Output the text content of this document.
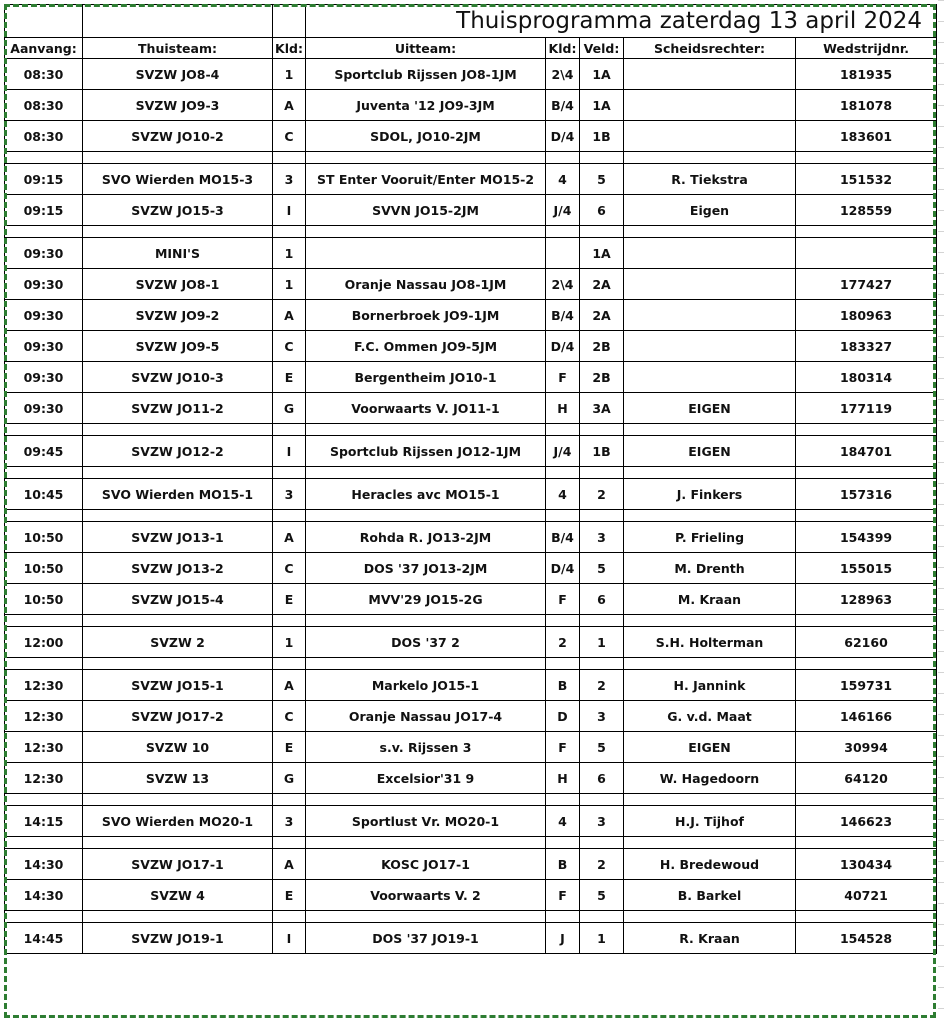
			Thuisprogramma zaterdag 13 april 2024				
Aanvang:	Thuisteam:	Kld:	Uitteam:	Kld:	Veld:	Scheidsrechter:	Wedstrijdnr.
08:30	SVZW JO8-4	1	Sportclub Rijssen JO8-1JM	2\4	1A		181935
08:30	SVZW JO9-3	A	Juventa '12 JO9-3JM	B/4	1A		181078
08:30	SVZW JO10-2	C	SDOL, JO10-2JM	D/4	1B		183601

09:15	SVO Wierden MO15-3	3	ST Enter Vooruit/Enter MO15-2	4	5	R. Tiekstra	151532
09:15	SVZW JO15-3	I	SVVN JO15-2JM	J/4	6	Eigen	128559

09:30	MINI'S	1			1A		
09:30	SVZW JO8-1	1	Oranje Nassau JO8-1JM	2\4	2A		177427
09:30	SVZW JO9-2	A	Bornerbroek JO9-1JM	B/4	2A		180963
09:30	SVZW JO9-5	C	F.C. Ommen JO9-5JM	D/4	2B		183327
09:30	SVZW JO10-3	E	Bergentheim JO10-1	F	2B		180314
09:30	SVZW JO11-2	G	Voorwaarts V. JO11-1	H	3A	EIGEN	177119

09:45	SVZW JO12-2	I	Sportclub Rijssen JO12-1JM	J/4	1B	EIGEN	184701

10:45	SVO Wierden MO15-1	3	Heracles avc MO15-1	4	2	J. Finkers	157316

10:50	SVZW JO13-1	A	Rohda R. JO13-2JM	B/4	3	P. Frieling	154399
10:50	SVZW JO13-2	C	DOS '37 JO13-2JM	D/4	5	M. Drenth	155015
10:50	SVZW JO15-4	E	MVV'29 JO15-2G	F	6	M. Kraan	128963

12:00	SVZW 2	1	DOS '37 2	2	1	S.H. Holterman	62160

12:30	SVZW JO15-1	A	Markelo JO15-1	B	2	H. Jannink	159731
12:30	SVZW JO17-2	C	Oranje Nassau JO17-4	D	3	G. v.d. Maat	146166
12:30	SVZW 10	E	s.v. Rijssen 3	F	5	EIGEN	30994
12:30	SVZW 13	G	Excelsior'31 9	H	6	W. Hagedoorn	64120

14:15	SVO Wierden MO20-1	3	Sportlust Vr. MO20-1	4	3	H.J. Tijhof	146623

14:30	SVZW JO17-1	A	KOSC JO17-1	B	2	H. Bredewoud	130434
14:30	SVZW 4	E	Voorwaarts V. 2	F	5	B. Barkel	40721

14:45	SVZW JO19-1	I	DOS '37 JO19-1	J	1	R. Kraan	154528
